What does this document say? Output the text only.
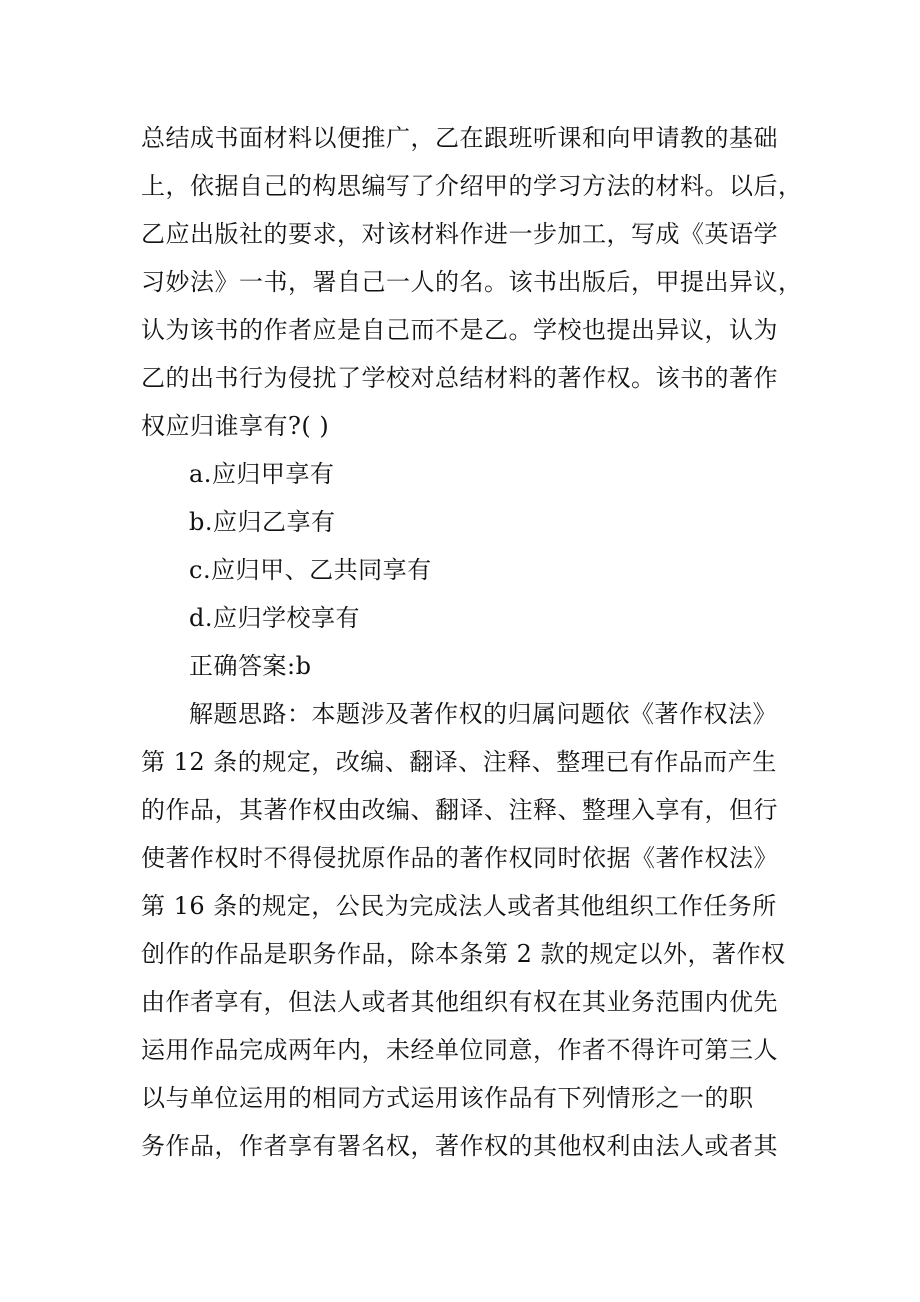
总结成书面材料以便推广，乙在跟班听课和向甲请教的基础
上，依据自己的构思编写了介绍甲的学习方法的材料。以后，
乙应出版社的要求，对该材料作进一步加工，写成《英语学
习妙法》一书，署自己一人的名。该书出版后，甲提出异议，
认为该书的作者应是自己而不是乙。学校也提出异议，认为
乙的出书行为侵扰了学校对总结材料的著作权。该书的著作
权应归谁享有?( )
a.应归甲享有
b.应归乙享有
c.应归甲、乙共同享有
d.应归学校享有
正确答案:b
解题思路：本题涉及著作权的归属问题依《著作权法》
第 12 条的规定，改编、翻译、注释、整理已有作品而产生
的作品，其著作权由改编、翻译、注释、整理入享有，但行
使著作权时不得侵扰原作品的著作权同时依据《著作权法》
第 16 条的规定，公民为完成法人或者其他组织工作任务所
创作的作品是职务作品，除本条第 2 款的规定以外，著作权
由作者享有，但法人或者其他组织有权在其业务范围内优先
运用作品完成两年内，未经单位同意，作者不得许可第三人
以与单位运用的相同方式运用该作品有下列情形之一的职
务作品，作者享有署名权，著作权的其他权利由法人或者其
